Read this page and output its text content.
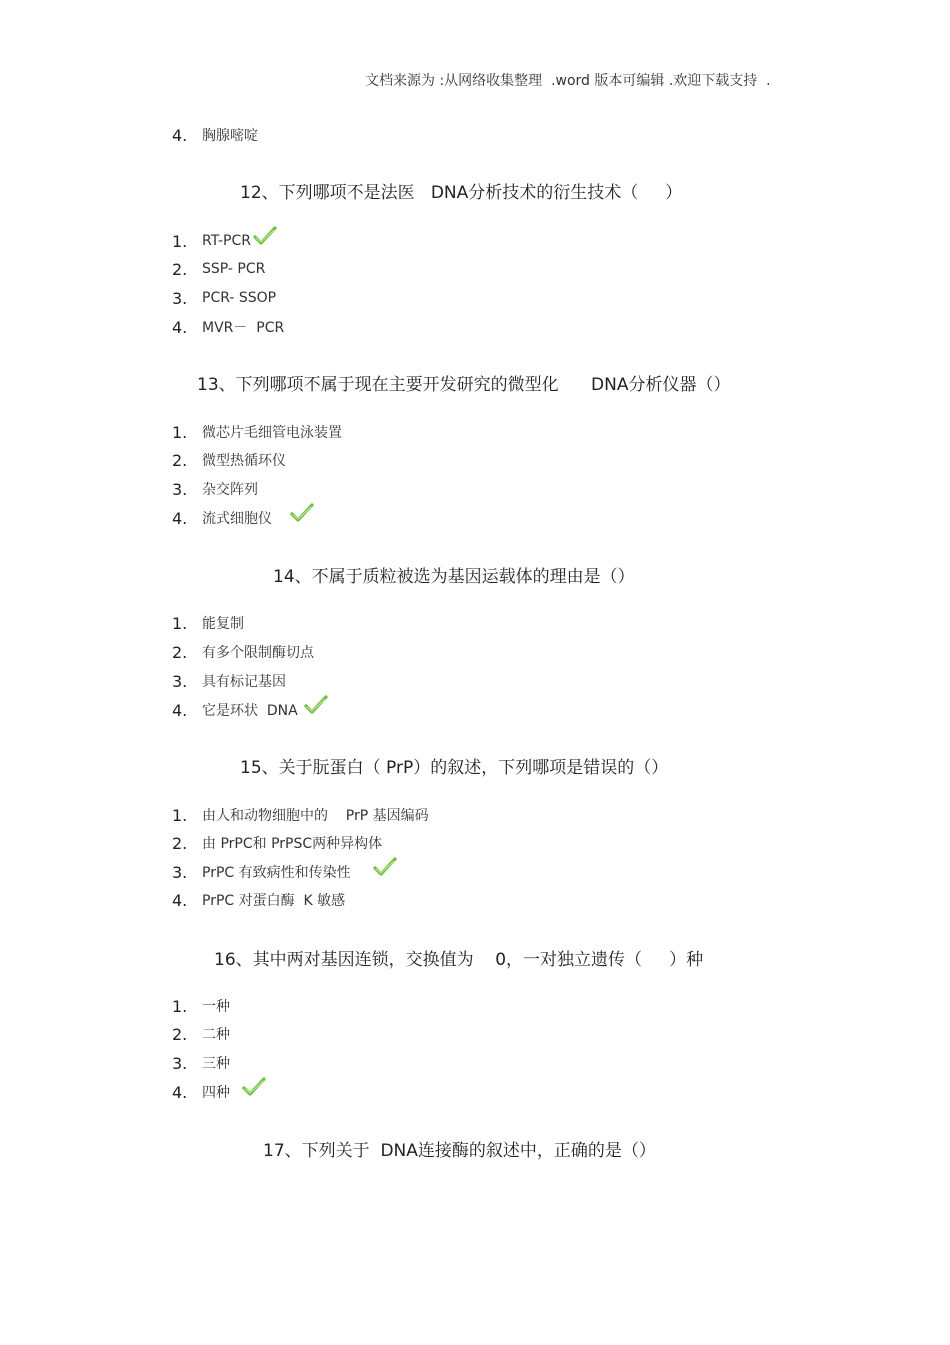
文档来源为 :从网络收集整理  .word 版本可编辑 .欢迎下载支持  .
4.	胸腺嘧啶
12、下列哪项不是法医   DNA分析技术的衍生技术（     ）
1.	RT-PCR
2.	SSP- PCR
3.	PCR- SSOP
4.	MVR－  PCR
13、下列哪项不属于现在主要开发研究的微型化      DNA分析仪器（）
1.	微芯片毛细管电泳装置
2.	微型热循环仪
3.	杂交阵列
4.	流式细胞仪
14、不属于质粒被选为基因运载体的理由是（）
1.	能复制
2.	有多个限制酶切点
3.	具有标记基因
4.	它是环状  DNA
15、关于朊蛋白（ PrP）的叙述，下列哪项是错误的（）
1.	由人和动物细胞中的    PrP 基因编码
2.	由 PrPC和 PrPSC两种异构体
3.	PrPC 有致病性和传染性
4.	PrPC 对蛋白酶  K 敏感
16、其中两对基因连锁，交换值为    0，一对独立遗传（     ）种
1.	一种
2.	二种
3.	三种
4.	四种
17、下列关于  DNA连接酶的叙述中，正确的是（）
